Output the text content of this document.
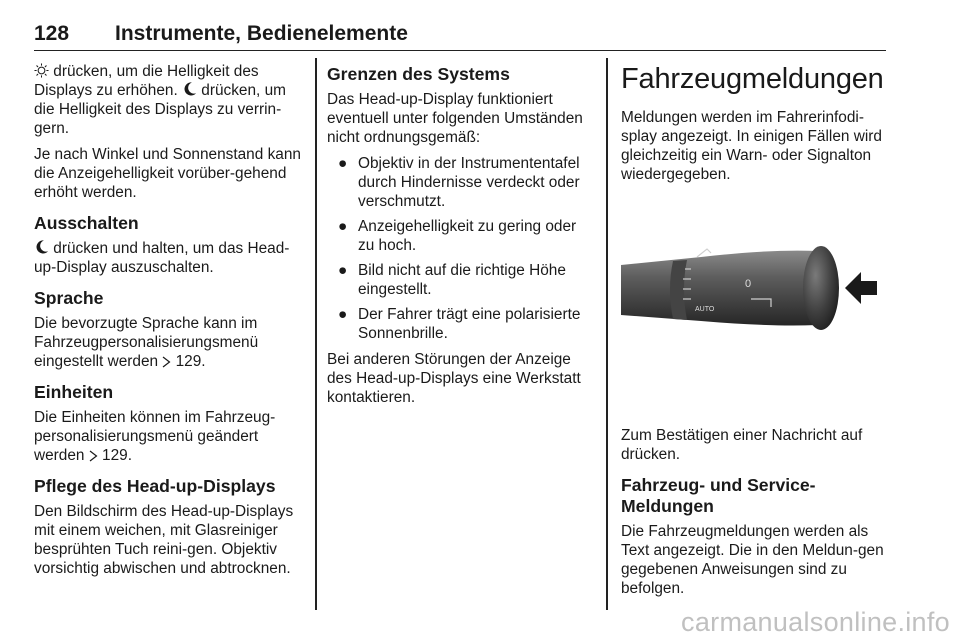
128 Instrumente, Bedienelemente

drücken, um die Helligkeit des Displays zu erhöhen.  drücken, um die Helligkeit des Displays zu verrin-gern.

Je nach Winkel und Sonnenstand kann die Anzeigehelligkeit vorüber-gehend erhöht werden.

Ausschalten

drücken und halten, um das Head-up-Display auszuschalten.

Sprache

Die bevorzugte Sprache kann im Fahrzeugpersonalisierungsmenü eingestellt werden  129.

Einheiten

Die Einheiten können im Fahrzeug-personalisierungsmenü geändert werden  129.

Pflege des Head-up-Displays

Den Bildschirm des Head-up-Displays mit einem weichen, mit Glasreiniger besprühten Tuch reini-gen. Objektiv vorsichtig abwischen und abtrocknen.

Grenzen des Systems

Das Head-up-Display funktioniert eventuell unter folgenden Umständen nicht ordnungsgemäß:

● Objektiv in der Instrumententafel durch Hindernisse verdeckt oder verschmutzt.
● Anzeigehelligkeit zu gering oder zu hoch.
● Bild nicht auf die richtige Höhe eingestellt.
● Der Fahrer trägt eine polarisierte Sonnenbrille.

Bei anderen Störungen der Anzeige des Head-up-Displays eine Werkstatt kontaktieren.

Fahrzeugmeldungen

Meldungen werden im Fahrerinfodi-splay angezeigt. In einigen Fällen wird gleichzeitig ein Warn- oder Signalton wiedergegeben.

AUTO
0

Zum Bestätigen einer Nachricht auf drücken.

Fahrzeug- und Service-Meldungen

Die Fahrzeugmeldungen werden als Text angezeigt. Die in den Meldun-gen gegebenen Anweisungen sind zu befolgen.

carmanualsonline.info
